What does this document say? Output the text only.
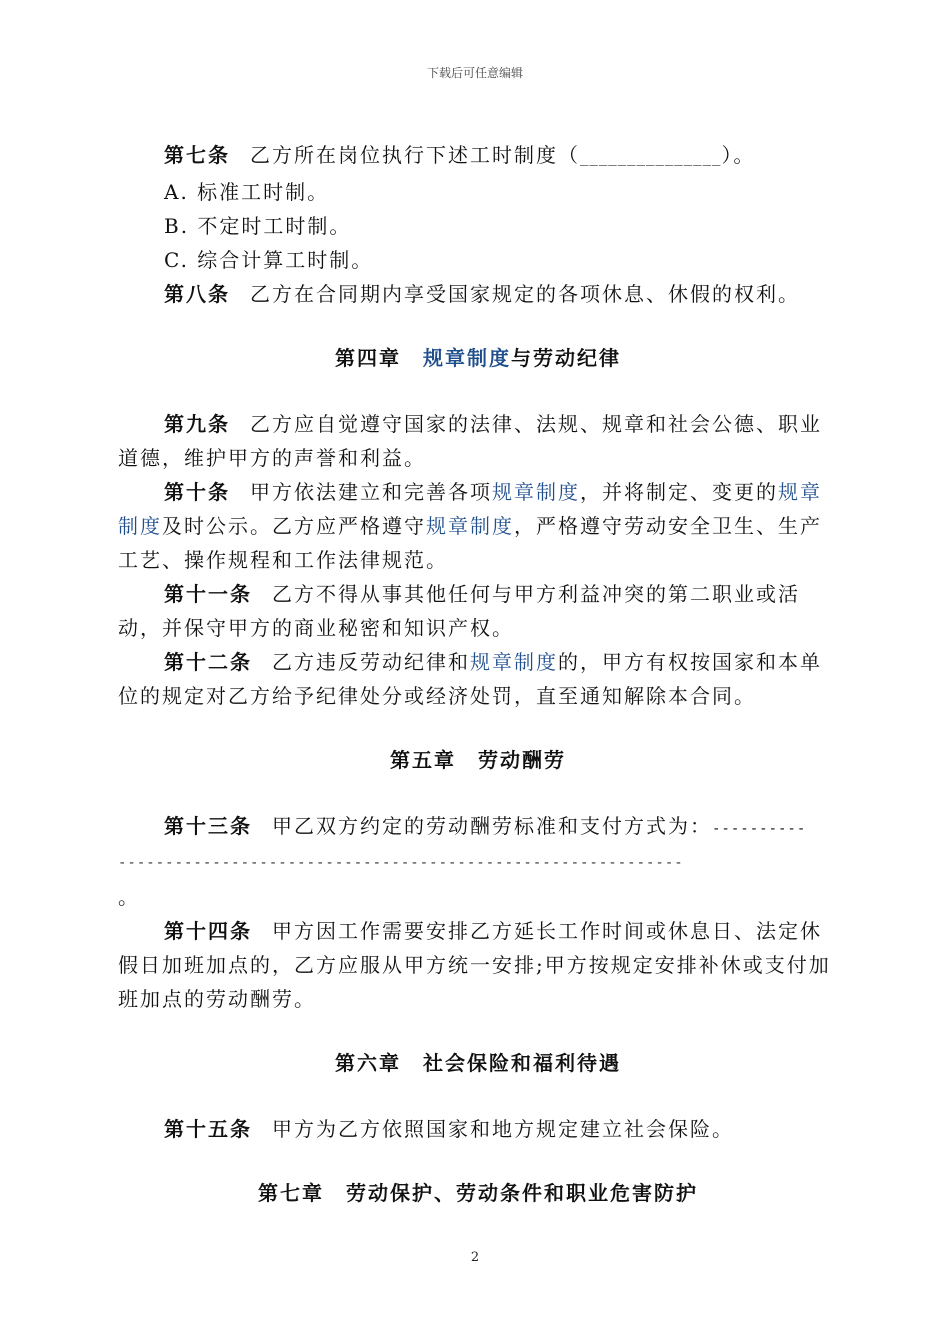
下载后可任意编辑

第七条 乙方所在岗位执行下述工时制度（_______________）。

A. 标准工时制。

B. 不定时工时制。

C. 综合计算工时制。

第八条 乙方在合同期内享受国家规定的各项休息、休假的权利。

第四章　 规章制度与劳动纪律

第九条 乙方应自觉遵守国家的法律、法规、规章和社会公德、职业道德，维护甲方的声誉和利益。

第十条 甲方依法建立和完善各项规章制度，并将制定、变更的规章制度及时公示。乙方应严格遵守规章制度，严格遵守劳动安全卫生、生产工艺、操作规程和工作法律规范。

第十一条 乙方不得从事其他任何与甲方利益冲突的第二职业或活动，并保守甲方的商业秘密和知识产权。

第十二条 乙方违反劳动纪律和规章制度的，甲方有权按国家和本单位的规定对乙方给予纪律处分或经济处罚，直至通知解除本合同。

第五章　劳动酬劳

第十三条 甲乙双方约定的劳动酬劳标准和支付方式为：----------

------------------------------------------------------------

。

第十四条 甲方因工作需要安排乙方延长工作时间或休息日、法定休假日加班加点的，乙方应服从甲方统一安排;甲方按规定安排补休或支付加班加点的劳动酬劳。

第六章　社会保险和福利待遇

第十五条 甲方为乙方依照国家和地方规定建立社会保险。

第七章　劳动保护、劳动条件和职业危害防护
2
